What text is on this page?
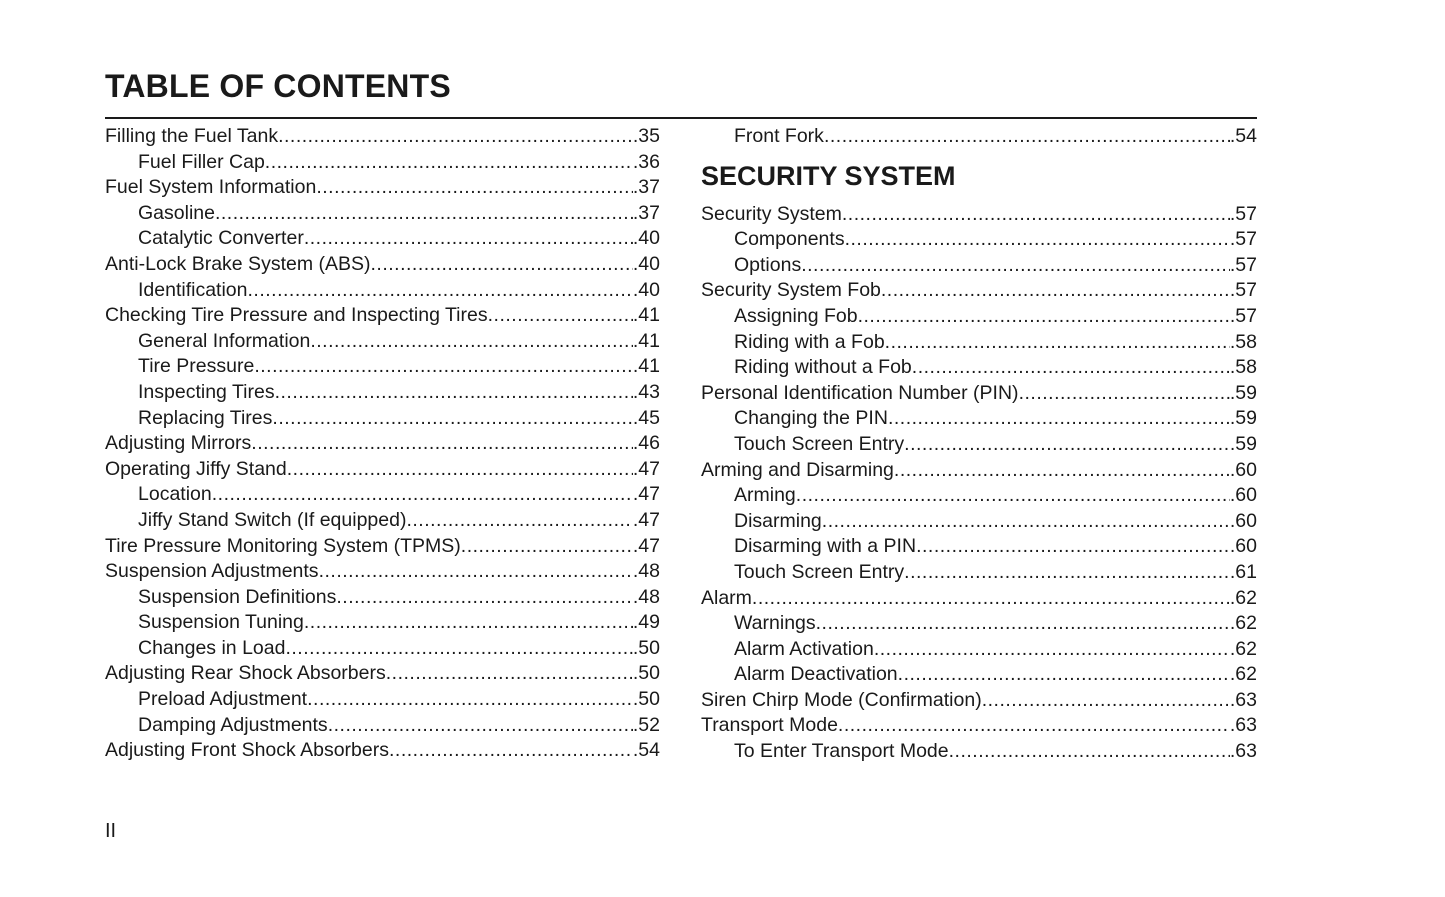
TABLE OF CONTENTS
Filling the Fuel Tank .....	.35
Fuel Filler Cap .....	.36
Fuel System Information .....	.37
Gasoline .....	.37
Catalytic Converter .....	.40
Anti-Lock Brake System (ABS) .....	.40
Identification .....	.40
Checking Tire Pressure and Inspecting Tires .....	.41
General Information .....	.41
Tire Pressure .....	.41
Inspecting Tires .....	.43
Replacing Tires .....	.45
Adjusting Mirrors .....	.46
Operating Jiffy Stand .....	.47
Location .....	.47
Jiffy Stand Switch (If equipped) .....	.47
Tire Pressure Monitoring System (TPMS) .....	.47
Suspension Adjustments .....	.48
Suspension Definitions .....	.48
Suspension Tuning .....	.49
Changes in Load .....	.50
Adjusting Rear Shock Absorbers .....	.50
Preload Adjustment .....	.50
Damping Adjustments .....	.52
Adjusting Front Shock Absorbers .....	.54
Front Fork .....	.54
SECURITY SYSTEM
Security System .....	.57
Components .....	.57
Options .....	.57
Security System Fob .....	.57
Assigning Fob .....	.57
Riding with a Fob .....	.58
Riding without a Fob .....	.58
Personal Identification Number (PIN) .....	.59
Changing the PIN .....	.59
Touch Screen Entry .....	.59
Arming and Disarming .....	.60
Arming .....	.60
Disarming .....	.60
Disarming with a PIN .....	.60
Touch Screen Entry .....	.61
Alarm .....	.62
Warnings .....	.62
Alarm Activation .....	.62
Alarm Deactivation .....	.62
Siren Chirp Mode (Confirmation) .....	.63
Transport Mode .....	.63
To Enter Transport Mode .....	.63
II
